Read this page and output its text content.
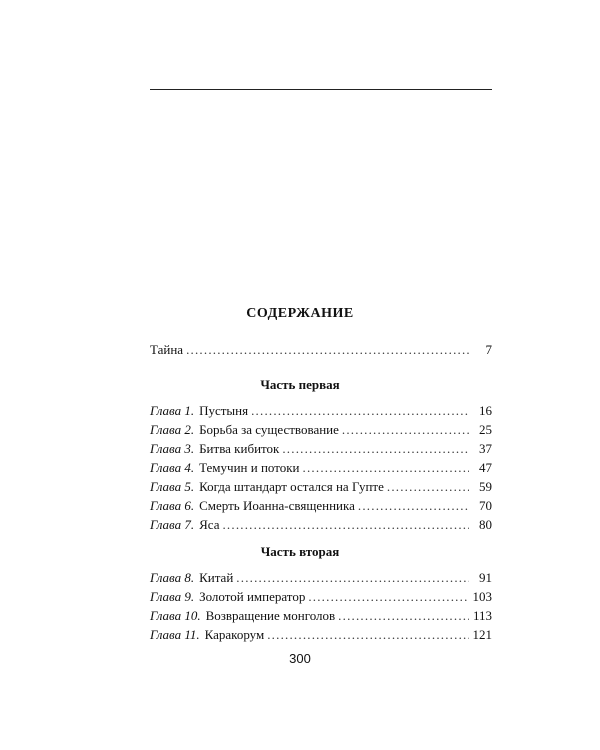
СОДЕРЖАНИЕ
Тайна .....	7
Часть первая
Глава 1. Пустыня .....	16
Глава 2. Борьба за существование .....	25
Глава 3. Битва кибиток .....	37
Глава 4. Темучин и потоки .....	47
Глава 5. Когда штандарт остался на Гупте .....	59
Глава 6. Смерть Иоанна-священника .....	70
Глава 7. Яса .....	80
Часть вторая
Глава 8. Китай .....	91
Глава 9. Золотой император .....	103
Глава 10. Возвращение монголов .....	113
Глава 11. Каракорум .....	121
300
